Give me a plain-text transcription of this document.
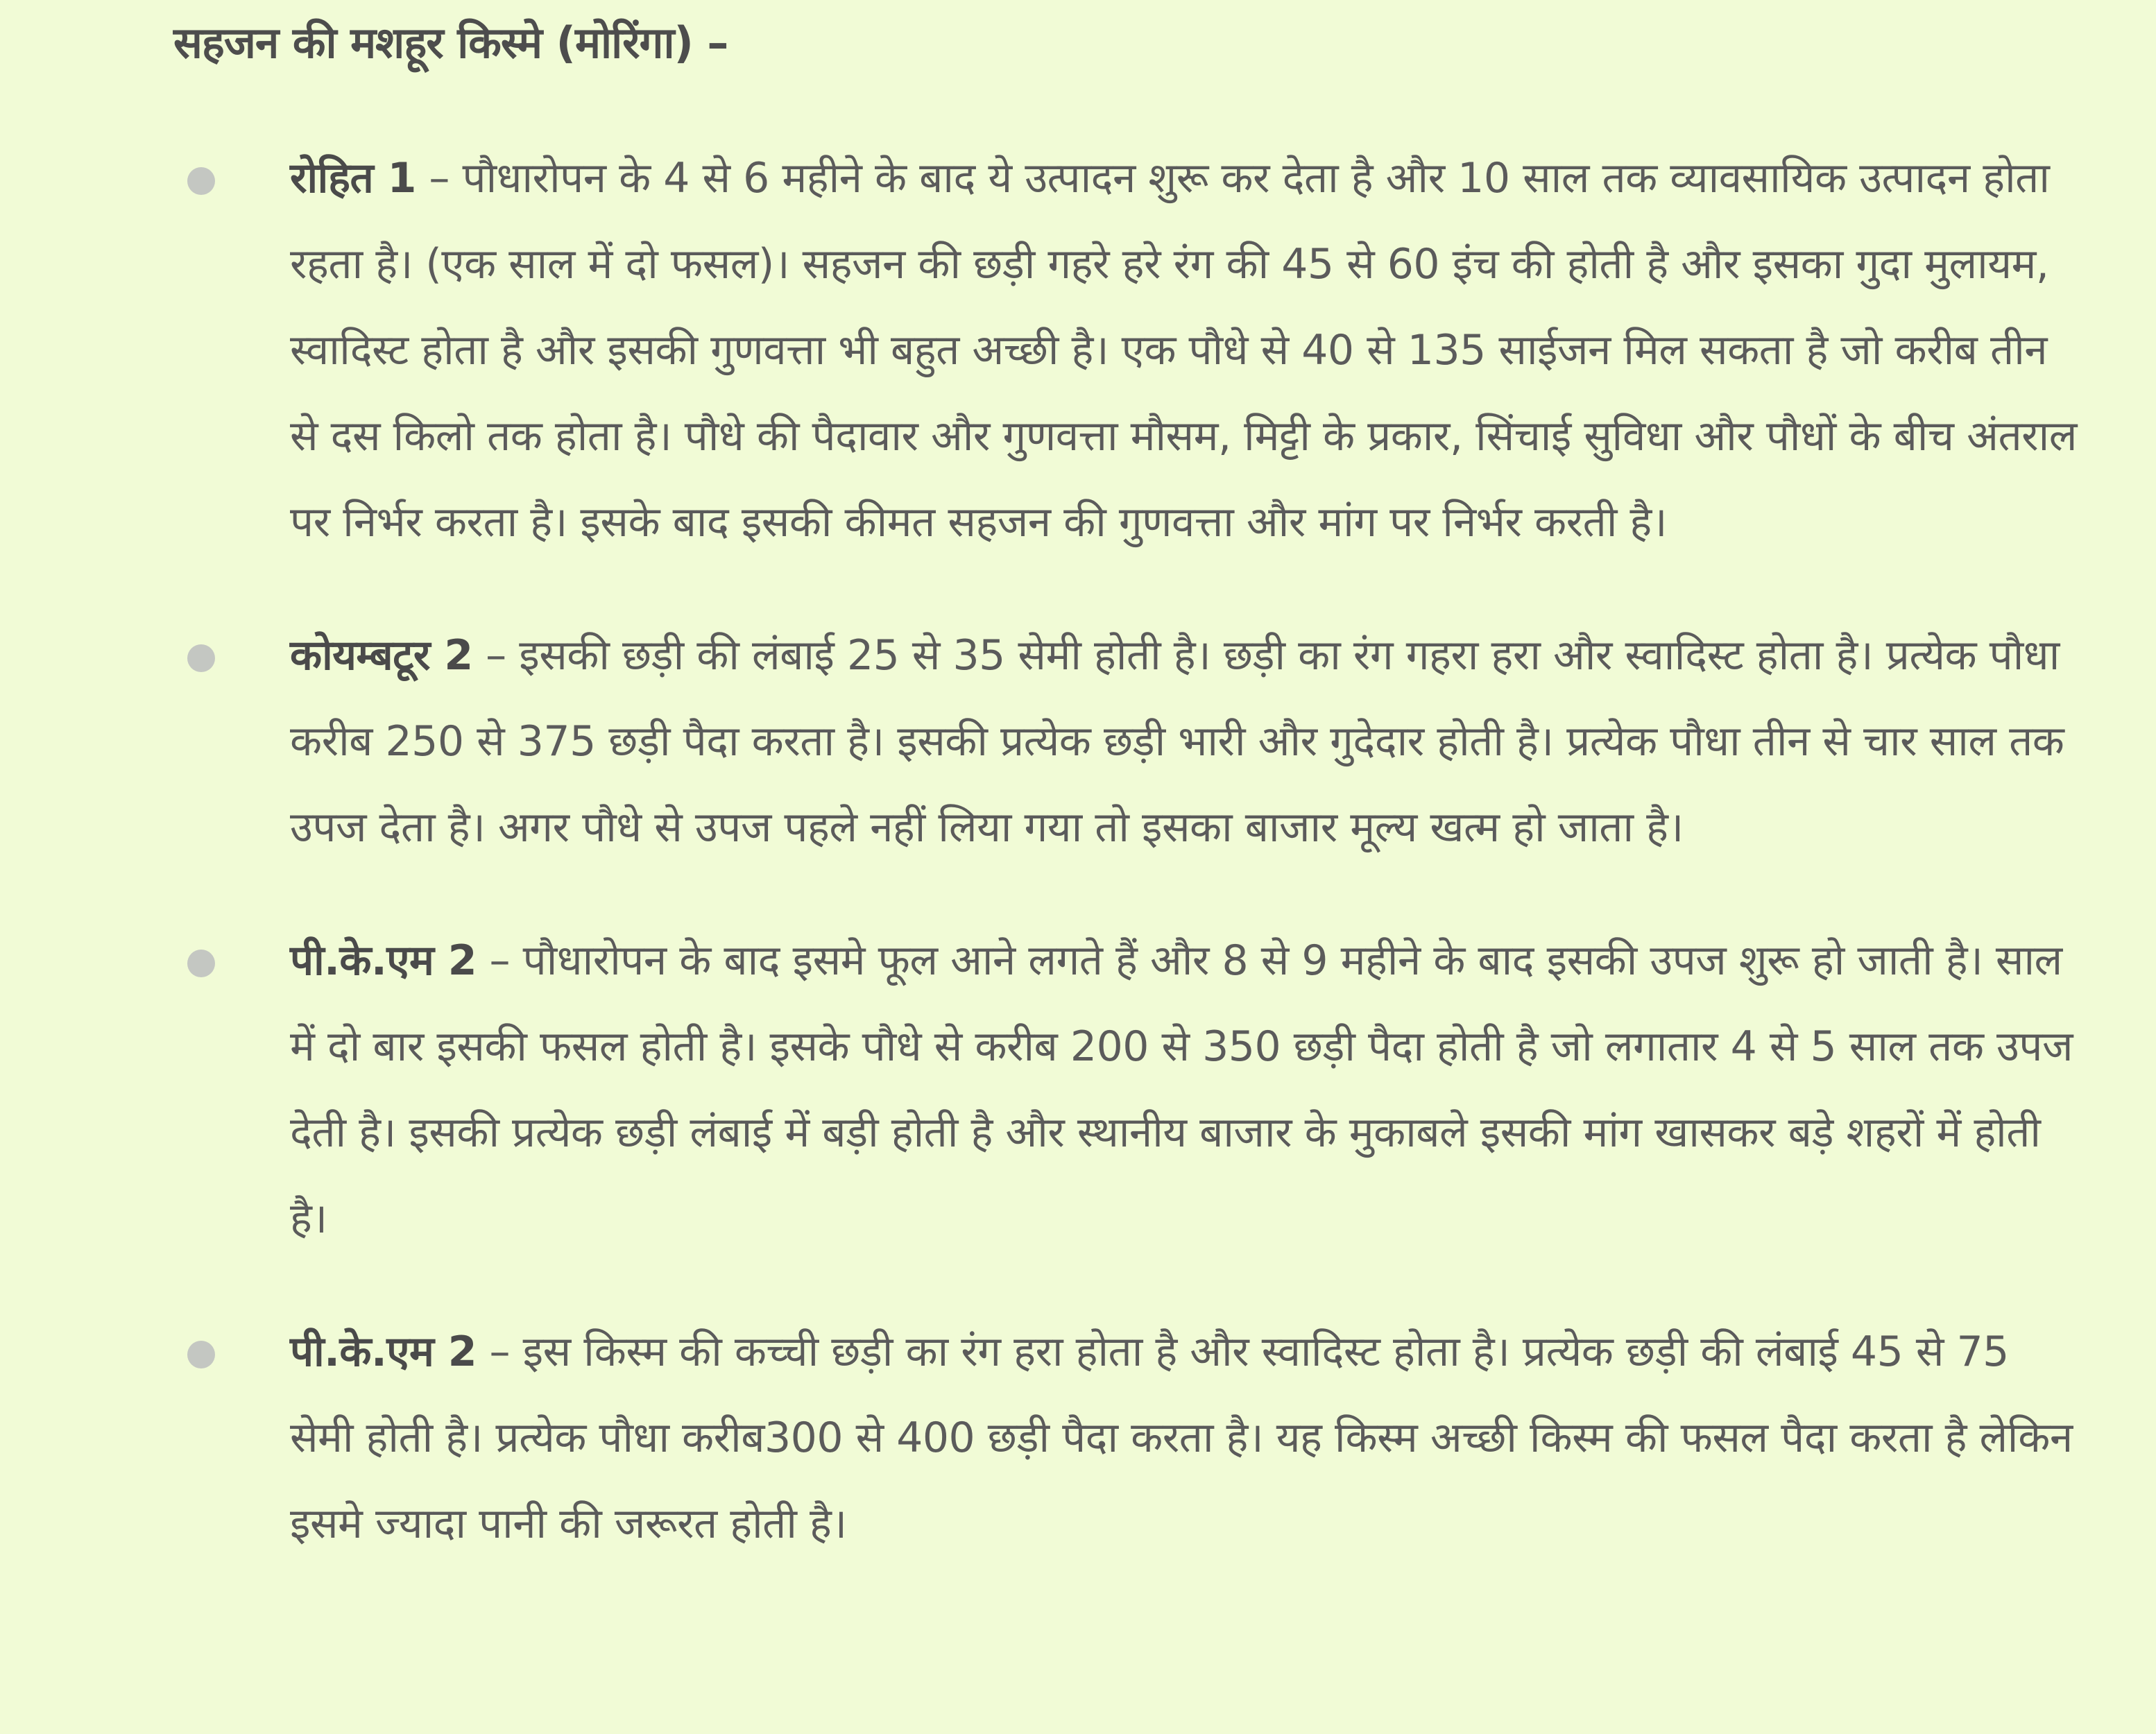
सहजन की मशहूर किस्मे (मोरिंगा) –
रोहित 1 – पौधारोपन के 4 से 6 महीने के बाद ये उत्पादन शुरू कर देता है और 10 साल तक व्यावसायिक उत्पादन होता रहता है। (एक साल में दो फसल)। सहजन की छड़ी गहरे हरे रंग की 45 से 60 इंच की होती है और इसका गुदा मुलायम, स्वादिस्ट होता है और इसकी गुणवत्ता भी बहुत अच्छी है। एक पौधे से 40 से 135 साईजन मिल सकता है जो करीब तीन से दस किलो तक होता है। पौधे की पैदावार और गुणवत्ता मौसम, मिट्टी के प्रकार, सिंचाई सुविधा और पौधों के बीच अंतराल पर निर्भर करता है। इसके बाद इसकी कीमत सहजन की गुणवत्ता और मांग पर निर्भर करती है।
कोयम्बटूर 2 – इसकी छड़ी की लंबाई 25 से 35 सेमी होती है। छड़ी का रंग गहरा हरा और स्वादिस्ट होता है। प्रत्येक पौधा करीब 250 से 375 छड़ी पैदा करता है। इसकी प्रत्येक छड़ी भारी और गुदेदार होती है। प्रत्येक पौधा तीन से चार साल तक उपज देता है। अगर पौधे से उपज पहले नहीं लिया गया तो इसका बाजार मूल्य खत्म हो जाता है।
पी.के.एम 2 – पौधारोपन के बाद इसमे फूल आने लगते हैं और 8 से 9 महीने के बाद इसकी उपज शुरू हो जाती है। साल में दो बार इसकी फसल होती है। इसके पौधे से करीब 200 से 350 छड़ी पैदा होती है जो लगातार 4 से 5 साल तक उपज देती है। इसकी प्रत्येक छड़ी लंबाई में बड़ी होती है और स्थानीय बाजार के मुकाबले इसकी मांग खासकर बड़े शहरों में होती है।
पी.के.एम 2 – इस किस्म की कच्ची छड़ी का रंग हरा होता है और स्वादिस्ट होता है। प्रत्येक छड़ी की लंबाई 45 से 75 सेमी होती है। प्रत्येक पौधा करीब300 से 400 छड़ी पैदा करता है। यह किस्म अच्छी किस्म की फसल पैदा करता है लेकिन इसमे ज्यादा पानी की जरूरत होती है।
